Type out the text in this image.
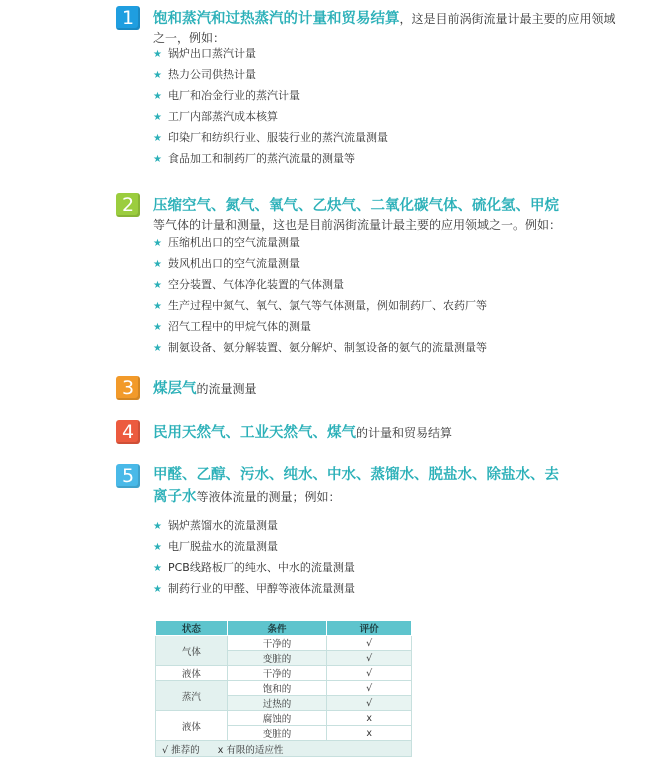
1	饱和蒸汽和过热蒸汽的计量和贸易结算，这是目前涡街流量计最主要的应用领域之一，例如：
★ 锅炉出口蒸汽计量
★ 热力公司供热计量
★ 电厂和冶金行业的蒸汽计量
★ 工厂内部蒸汽成本核算
★ 印染厂和纺织行业、服装行业的蒸汽流量测量
★ 食品加工和制药厂的蒸汽流量的测量等
2	压缩空气、氮气、氧气、乙炔气、二氧化碳气体、硫化氢、甲烷
等气体的计量和测量，这也是目前涡街流量计最主要的应用领域之一。例如：
★ 压缩机出口的空气流量测量
★ 鼓风机出口的空气流量测量
★ 空分装置、气体净化装置的气体测量
★ 生产过程中氮气、氧气、氯气等气体测量，例如制药厂、农药厂等
★ 沼气工程中的甲烷气体的测量
★ 制氨设备、氨分解装置、氨分解炉、制氢设备的氨气的流量测量等
3	煤层气的流量测量
4	民用天然气、工业天然气、煤气的计量和贸易结算
5	甲醛、乙醇、污水、纯水、中水、蒸馏水、脱盐水、除盐水、去离子水等液体流量的测量；例如：
★ 锅炉蒸馏水的流量测量
★ 电厂脱盐水的流量测量
★ PCB线路板厂的纯水、中水的流量测量
★ 制药行业的甲醛、甲醇等液体流量测量
状态	条件	评价
气体	干净的	√
	变脏的	√
液体	干净的	√
蒸汽	饱和的	√
	过热的	√
液体	腐蚀的	x
	变脏的	x
√ 推荐的      x 有限的适应性		
